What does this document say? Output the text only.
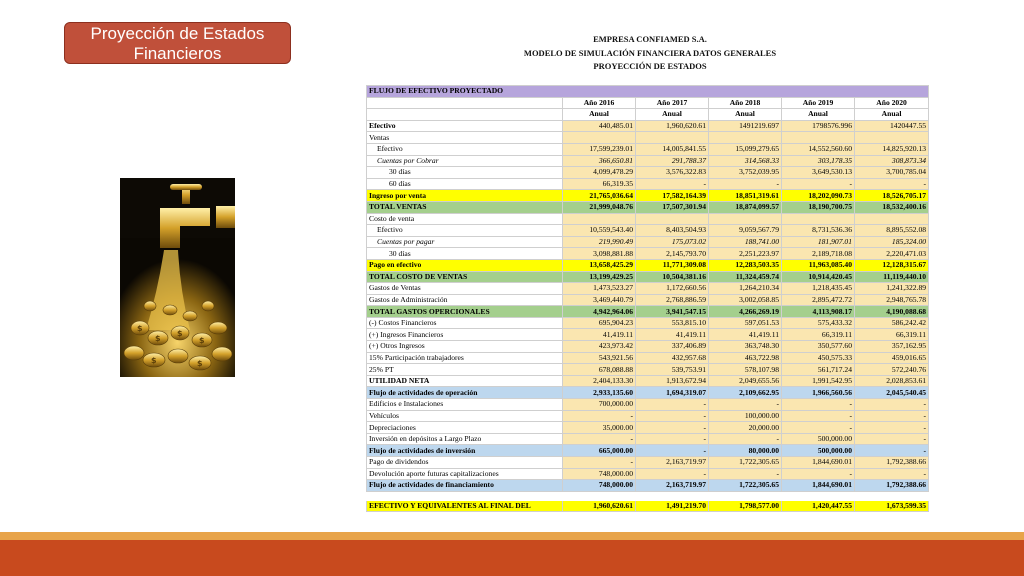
Proyección de Estados Financieros
$
$
$
$
$	$
EMPRESA CONFIAMED S.A.
MODELO DE SIMULACIÓN FINANCIERA DATOS GENERALES
PROYECCIÓN DE ESTADOS
FLUJO DE EFECTIVO PROYECTADO					
	Año 2016	Año 2017	Año 2018	Año 2019	Año 2020
	Anual	Anual	Anual	Anual	Anual
Efectivo	440,485.01	1,960,620.61	1491219.697	1798576.996	1420447.55
Ventas					
Efectivo	17,599,239.01	14,005,841.55	15,099,279.65	14,552,560.60	14,825,920.13
Cuentas por Cobrar	366,650.81	291,788.37	314,568.33	303,178.35	308,873.34
30 días	4,099,478.29	3,576,322.83	3,752,039.95	3,649,530.13	3,700,785.04
60 días	66,319.35	-	-	-	-
Ingreso por venta	21,765,036.64	17,582,164.39	18,851,319.61	18,202,090.73	18,526,705.17
TOTAL VENTAS	21,999,048.76	17,507,301.94	18,874,099.57	18,190,700.75	18,532,400.16
Costo de venta					
Efectivo	10,559,543.40	8,403,504.93	9,059,567.79	8,731,536.36	8,895,552.08
Cuentas por pagar	219,990.49	175,073.02	188,741.00	181,907.01	185,324.00
30 días	3,098,881.88	2,145,793.70	2,251,223.97	2,189,718.08	2,220,471.03
Pago en efectivo	13,658,425.29	11,771,309.08	12,283,503.35	11,963,085.40	12,128,315.67
TOTAL COSTO DE VENTAS	13,199,429.25	10,504,381.16	11,324,459.74	10,914,420.45	11,119,440.10
Gastos de Ventas	1,473,523.27	1,172,660.56	1,264,210.34	1,218,435.45	1,241,322.89
Gastos de Administración	3,469,440.79	2,768,886.59	3,002,058.85	2,895,472.72	2,948,765.78
TOTAL GASTOS OPERCIONALES	4,942,964.06	3,941,547.15	4,266,269.19	4,113,908.17	4,190,088.68
(-) Costos Financieros	695,904.23	553,815.10	597,051.53	575,433.32	586,242.42
(+) Ingresos Financieros	41,419.11	41,419.11	41,419.11	66,319.11	66,319.11
(+) Otros Ingresos	423,973.42	337,406.89	363,748.30	350,577.60	357,162.95
15% Participación trabajadores	543,921.56	432,957.68	463,722.98	450,575.33	459,016.65
25% PT	678,088.88	539,753.91	578,107.98	561,717.24	572,240.76
UTILIDAD NETA	2,404,133.30	1,913,672.94	2,049,655.56	1,991,542.95	2,028,853.61
Flujo de actividades de operación	2,933,135.60	1,694,319.07	2,109,662.95	1,966,560.56	2,045,540.45
Edificios e Instalaciones	700,000.00	-	-	-	-
Vehículos	-	-	100,000.00	-	-
Depreciaciones	35,000.00	-	20,000.00	-	-
Inversión en depósitos a Largo Plazo	-	-	-	500,000.00	-
Flujo de actividades de inversión	665,000.00	-	80,000.00	500,000.00	-
Pago de dividendos	-	2,163,719.97	1,722,305.65	1,844,690.01	1,792,388.66
Devolución aporte futuras capitalizaciones	748,000.00	-	-	-	-
Flujo de actividades de financiamiento	748,000.00	2,163,719.97	1,722,305.65	1,844,690.01	1,792,388.66

EFECTIVO Y EQUIVALENTES AL FINAL DEL	1,960,620.61	1,491,219.70	1,798,577.00	1,420,447.55	1,673,599.35
